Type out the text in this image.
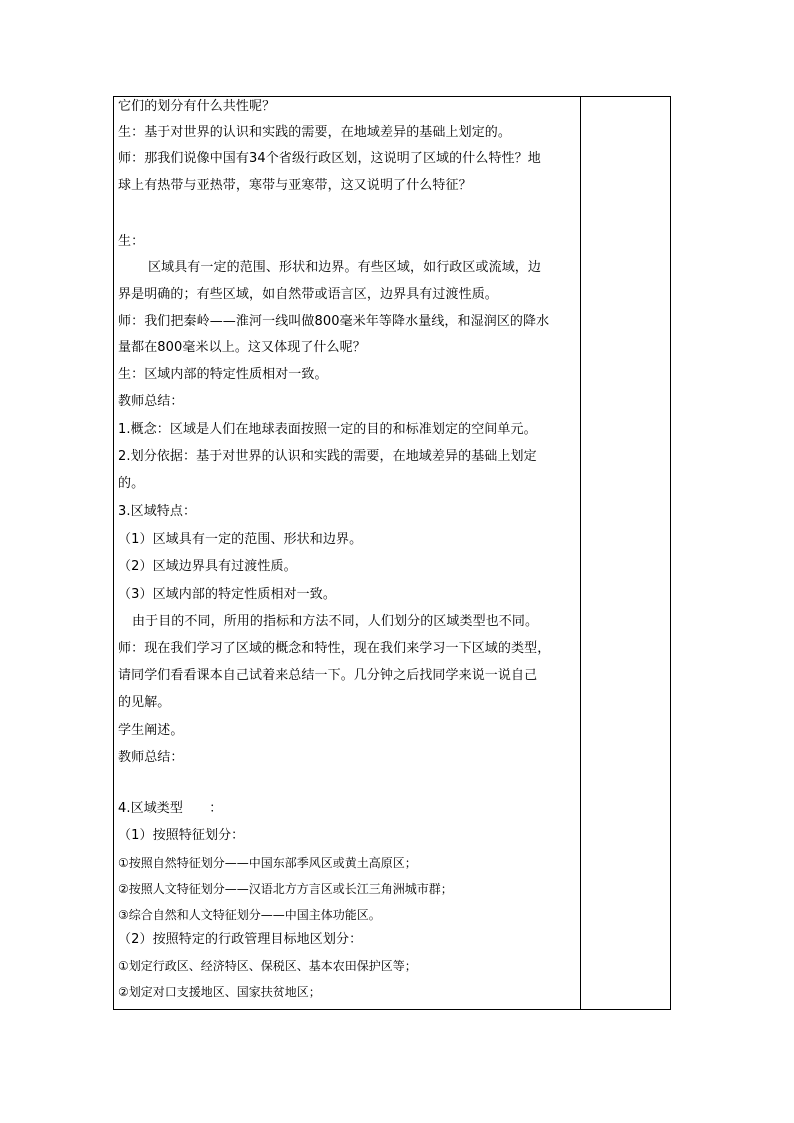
它们的划分有什么共性呢？
生：基于对世界的认识和实践的需要，在地域差异的基础上划定的。
师：那我们说像中国有34个省级行政区划，这说明了区域的什么特性？地
球上有热带与亚热带，寒带与亚寒带，这又说明了什么特征？
生：
区域具有一定的范围、形状和边界。有些区域，如行政区或流域，边
界是明确的；有些区域，如自然带或语言区，边界具有过渡性质。
师：我们把秦岭——淮河一线叫做800毫米年等降水量线，和湿润区的降水
量都在800毫米以上。这又体现了什么呢？
生：区域内部的特定性质相对一致。
教师总结：
1.概念：区域是人们在地球表面按照一定的目的和标准划定的空间单元。
2.划分依据：基于对世界的认识和实践的需要，在地域差异的基础上划定
的。
3.区域特点：
（1）区域具有一定的范围、形状和边界。
（2）区域边界具有过渡性质。
（3）区域内部的特定性质相对一致。
由于目的不同，所用的指标和方法不同，人们划分的区域类型也不同。
师：现在我们学习了区域的概念和特性，现在我们来学习一下区域的类型，
请同学们看看课本自己试着来总结一下。几分钟之后找同学来说一说自己
的见解。
学生阐述。
教师总结：
4.区域类型　　：
（1）按照特征划分：
①按照自然特征划分——中国东部季风区或黄土高原区；
②按照人文特征划分——汉语北方方言区或长江三角洲城市群；
③综合自然和人文特征划分——中国主体功能区。
（2）按照特定的行政管理目标地区划分：
①划定行政区、经济特区、保税区、基本农田保护区等；
②划定对口支援地区、国家扶贫地区；
